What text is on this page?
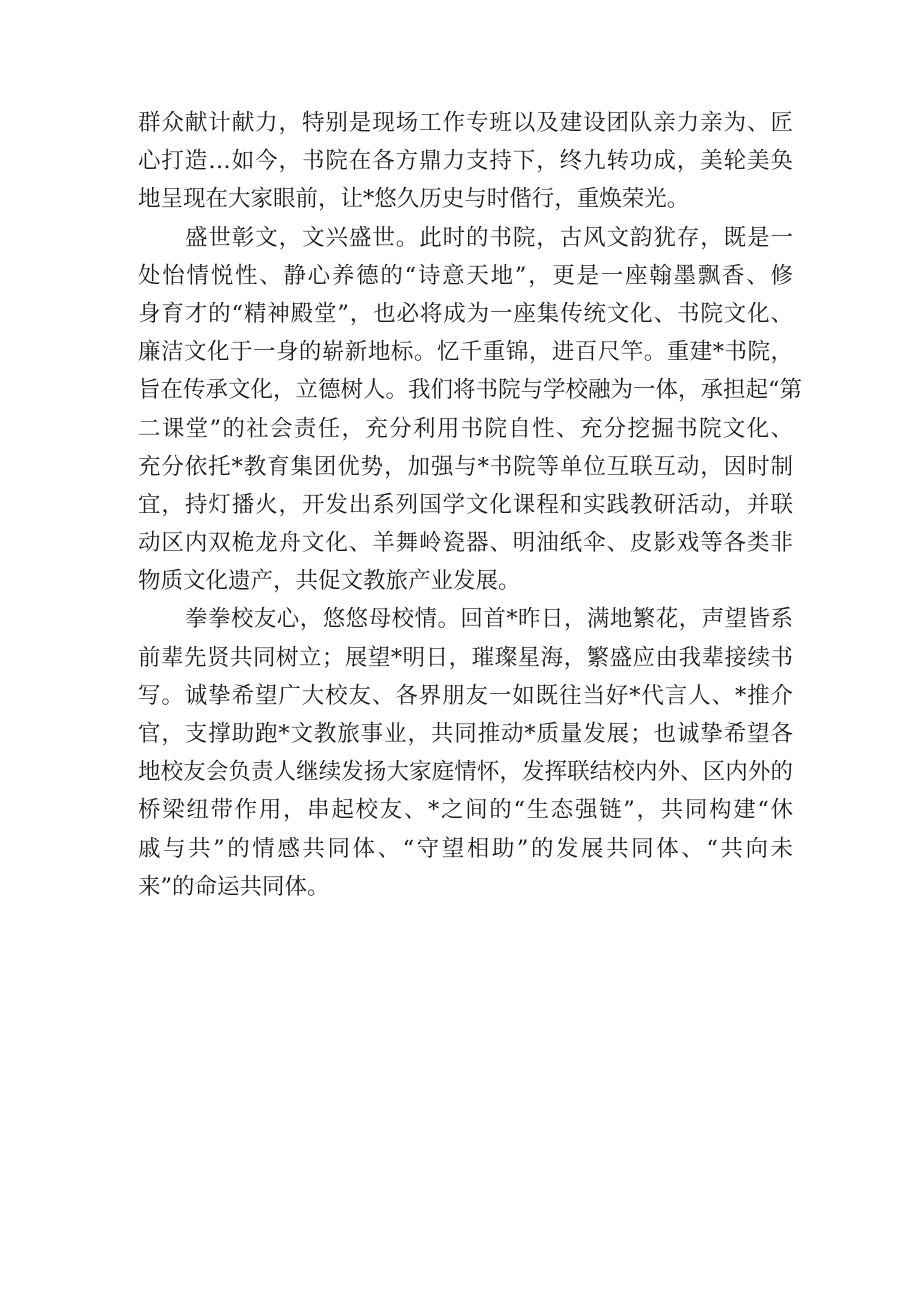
群众献计献力，特别是现场工作专班以及建设团队亲力亲为、匠
心打造…如今，书院在各方鼎力支持下，终九转功成，美轮美奂
地呈现在大家眼前，让*悠久历史与时偕行，重焕荣光。
盛世彰文，文兴盛世。此时的书院，古风文韵犹存，既是一
处怡情悦性、静心养德的“诗意天地”，更是一座翰墨飘香、修
身育才的“精神殿堂”，也必将成为一座集传统文化、书院文化、
廉洁文化于一身的崭新地标。忆千重锦，进百尺竿。重建*书院，
旨在传承文化，立德树人。我们将书院与学校融为一体，承担起“第
二课堂”的社会责任，充分利用书院自性、充分挖掘书院文化、
充分依托*教育集团优势，加强与*书院等单位互联互动，因时制
宜，持灯播火，开发出系列国学文化课程和实践教研活动，并联
动区内双桅龙舟文化、羊舞岭瓷器、明油纸伞、皮影戏等各类非
物质文化遗产，共促文教旅产业发展。
拳拳校友心，悠悠母校情。回首*昨日，满地繁花，声望皆系
前辈先贤共同树立；展望*明日，璀璨星海，繁盛应由我辈接续书
写。诚挚希望广大校友、各界朋友一如既往当好*代言人、*推介
官，支撑助跑*文教旅事业，共同推动*质量发展；也诚挚希望各
地校友会负责人继续发扬大家庭情怀，发挥联结校内外、区内外的
桥梁纽带作用，串起校友、*之间的“生态强链”，共同构建“休
戚与共”的情感共同体、“守望相助”的发展共同体、“共向未
来”的命运共同体。
